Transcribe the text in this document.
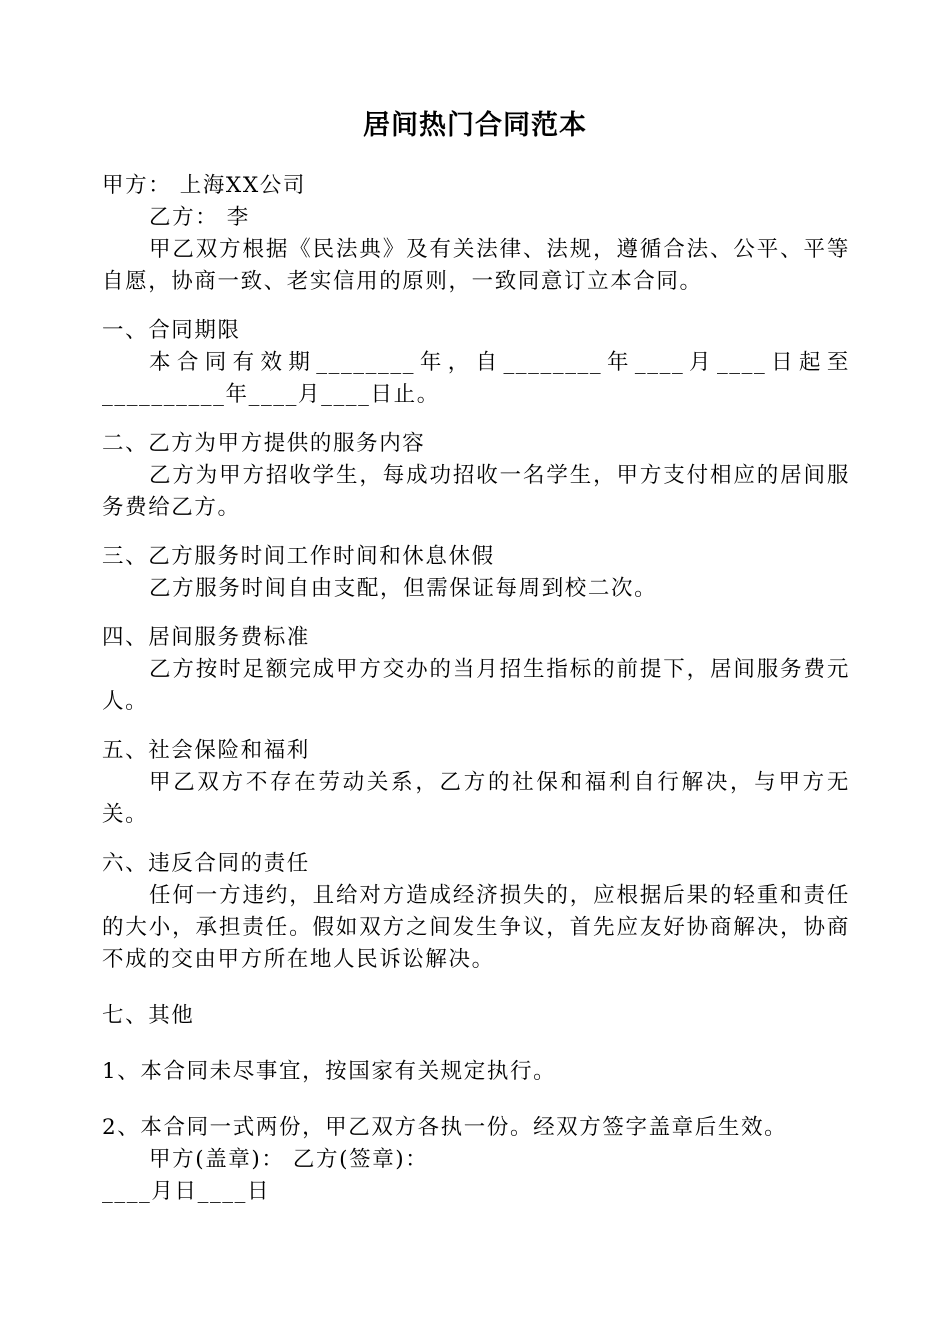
居间热门合同范本
甲方： 上海XX公司
乙方： 李
甲乙双方根据《民法典》及有关法律、法规，遵循合法、公平、平等自愿，协商一致、老实信用的原则，一致同意订立本合同。
一、合同期限
本合同有效期________年，自________年____月____日起至__________年____月____日止。
二、乙方为甲方提供的服务内容
乙方为甲方招收学生，每成功招收一名学生，甲方支付相应的居间服务费给乙方。
三、乙方服务时间工作时间和休息休假
乙方服务时间自由支配，但需保证每周到校二次。
四、居间服务费标准
乙方按时足额完成甲方交办的当月招生指标的前提下，居间服务费元人。
五、社会保险和福利
甲乙双方不存在劳动关系，乙方的社保和福利自行解决，与甲方无关。
六、违反合同的责任
任何一方违约，且给对方造成经济损失的，应根据后果的轻重和责任的大小，承担责任。假如双方之间发生争议，首先应友好协商解决，协商不成的交由甲方所在地人民诉讼解决。
七、其他
1、本合同未尽事宜，按国家有关规定执行。
2、本合同一式两份，甲乙双方各执一份。经双方签字盖章后生效。
甲方(盖章)： 乙方(签章)：
____月日____日
